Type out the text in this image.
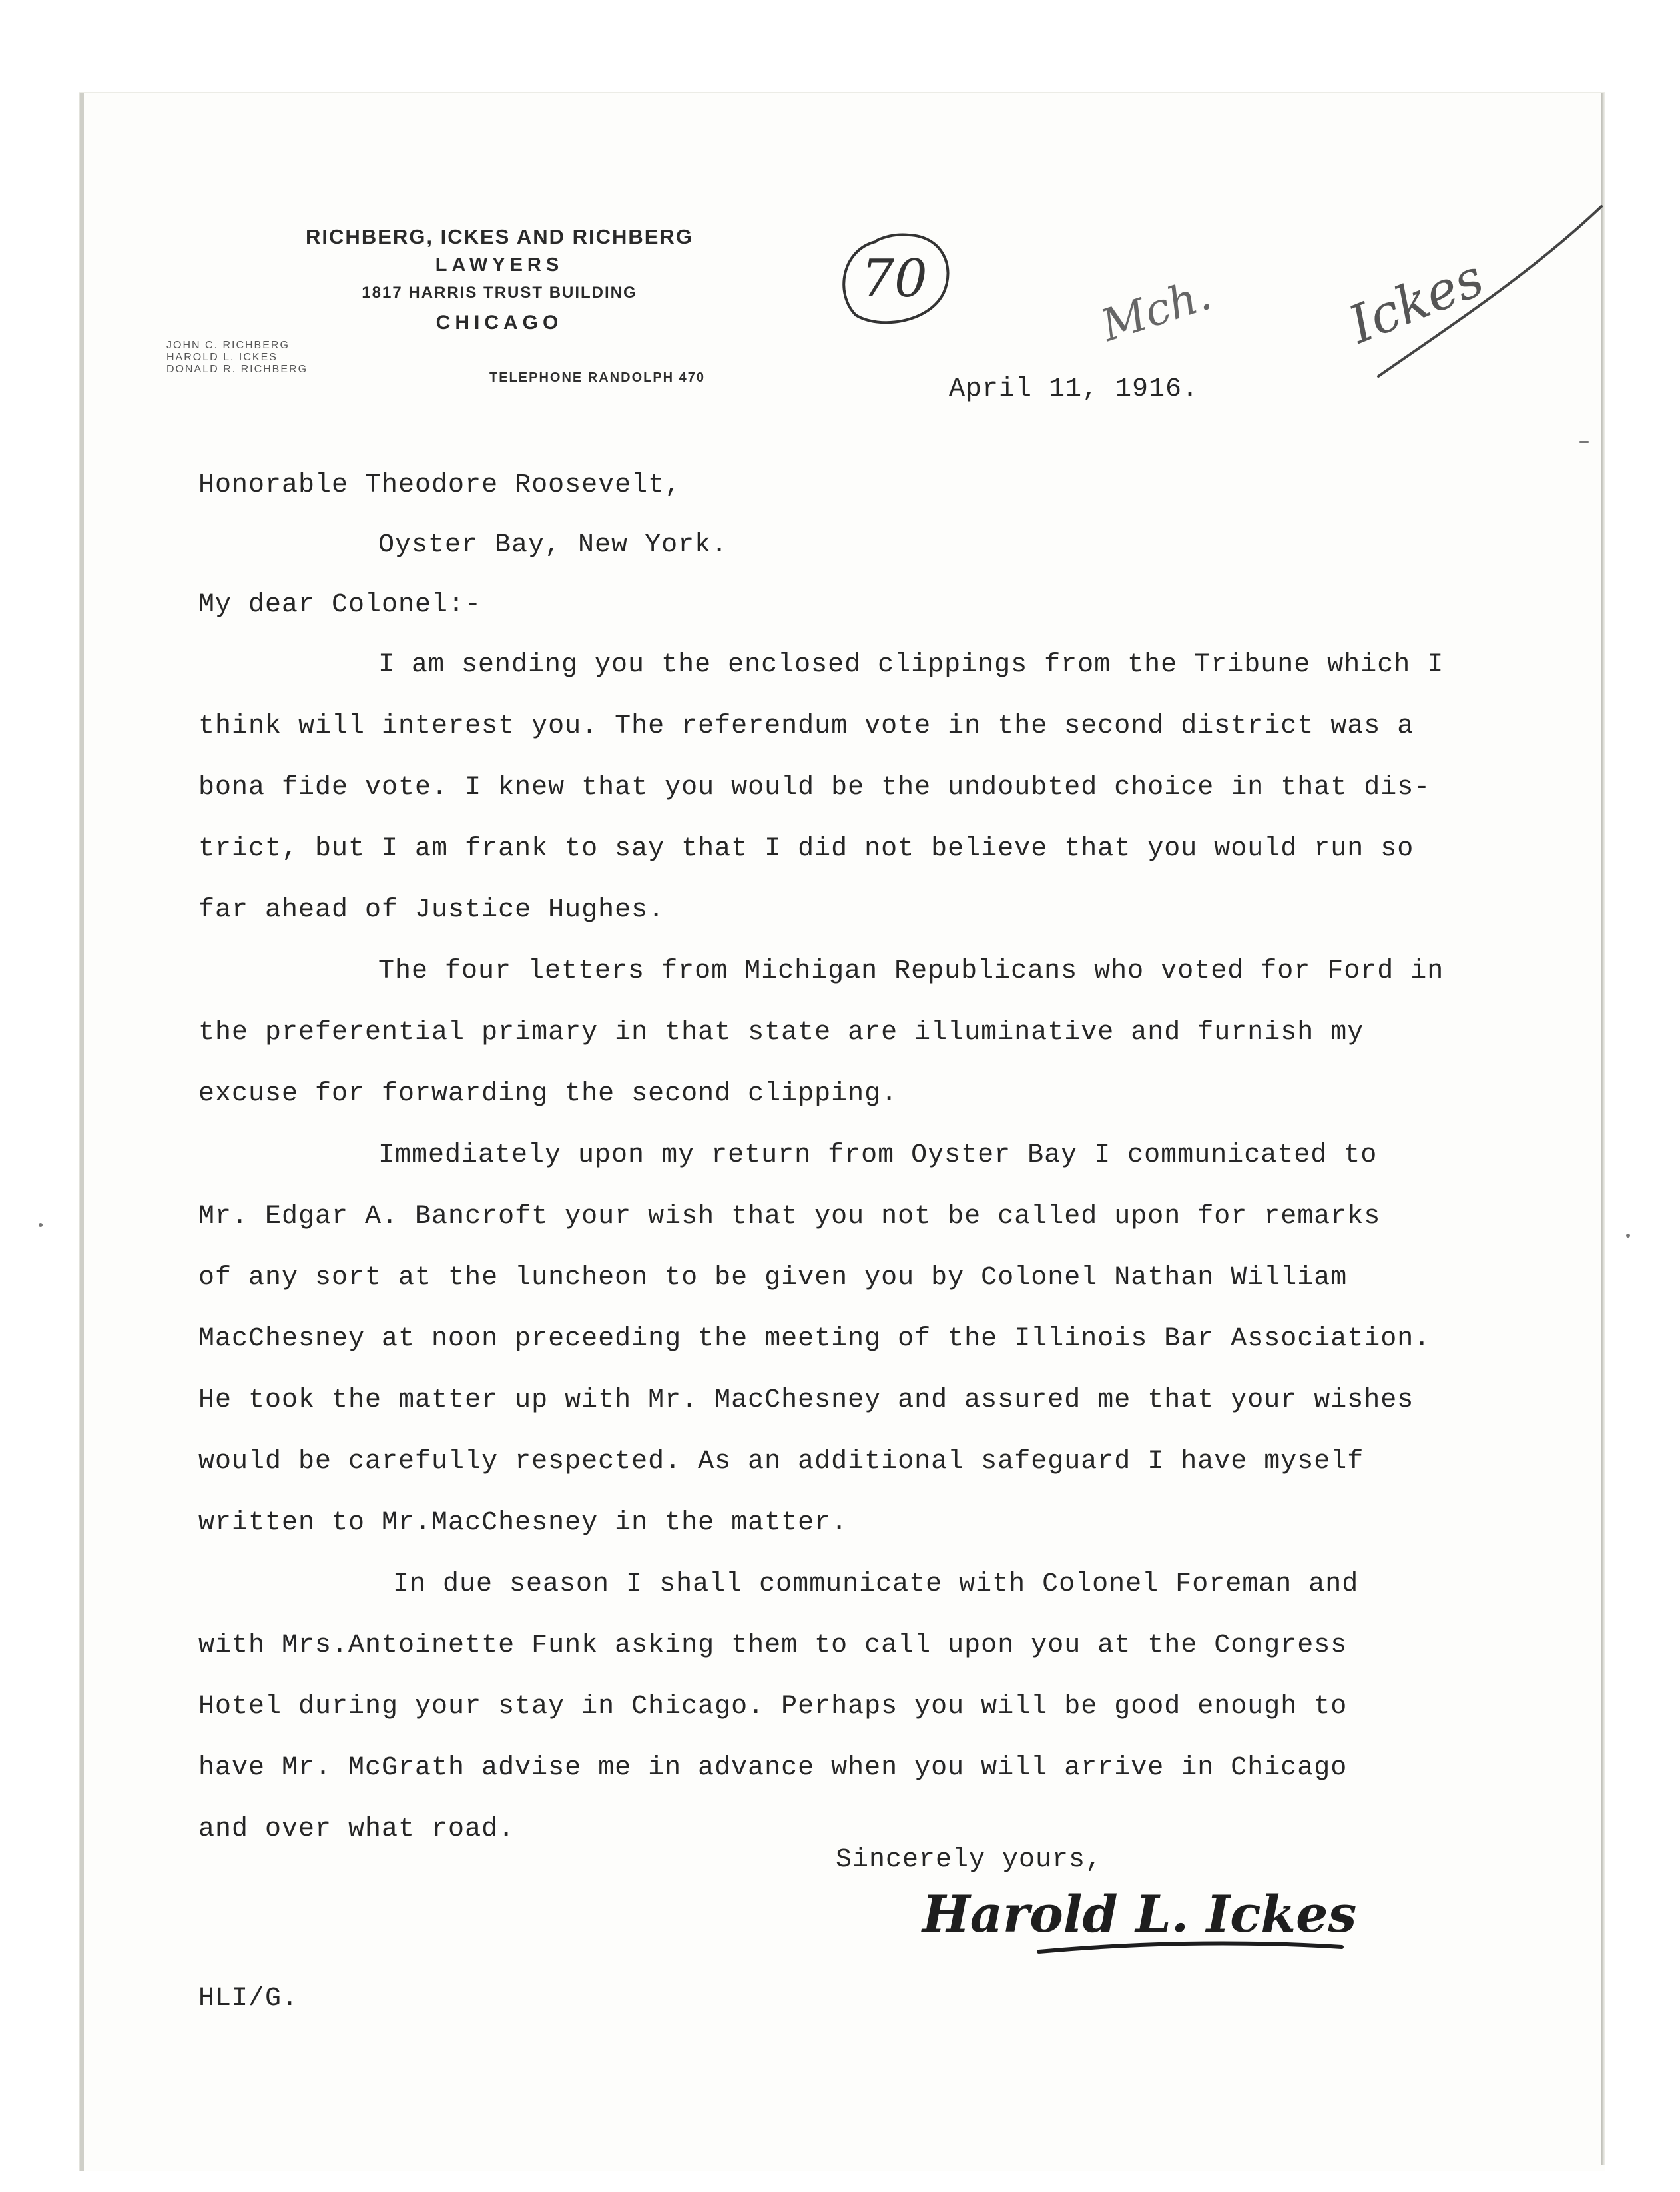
RICHBERG, ICKES AND RICHBERG
LAWYERS
1817 HARRIS TRUST BUILDING
CHICAGO
JOHN C. RICHBERG
HAROLD L. ICKES
DONALD R. RICHBERG
TELEPHONE RANDOLPH 470
70	Mch. Ickes
April 11, 1916.
Honorable Theodore Roosevelt,
Oyster Bay, New York.
My dear Colonel:-
I am sending you the enclosed clippings from the Tribune which I
think will interest you. The referendum vote in the second district was a
bona fide vote. I knew that you would be the undoubted choice in that dis-
trict, but I am frank to say that I did not believe that you would run so
far ahead of Justice Hughes.
The four letters from Michigan Republicans who voted for Ford in
the preferential primary in that state are illuminative and furnish my
excuse for forwarding the second clipping.
Immediately upon my return from Oyster Bay I communicated to
Mr. Edgar A. Bancroft your wish that you not be called upon for remarks
of any sort at the luncheon to be given you by Colonel Nathan William
MacChesney at noon preceeding the meeting of the Illinois Bar Association.
He took the matter up with Mr. MacChesney and assured me that your wishes
would be carefully respected. As an additional safeguard I have myself
written to Mr.MacChesney in the matter.
In due season I shall communicate with Colonel Foreman and
with Mrs.Antoinette Funk asking them to call upon you at the Congress
Hotel during your stay in Chicago. Perhaps you will be good enough to
have Mr. McGrath advise me in advance when you will arrive in Chicago
and over what road.
Sincerely yours,
Harold L. Ickes
HLI/G.
